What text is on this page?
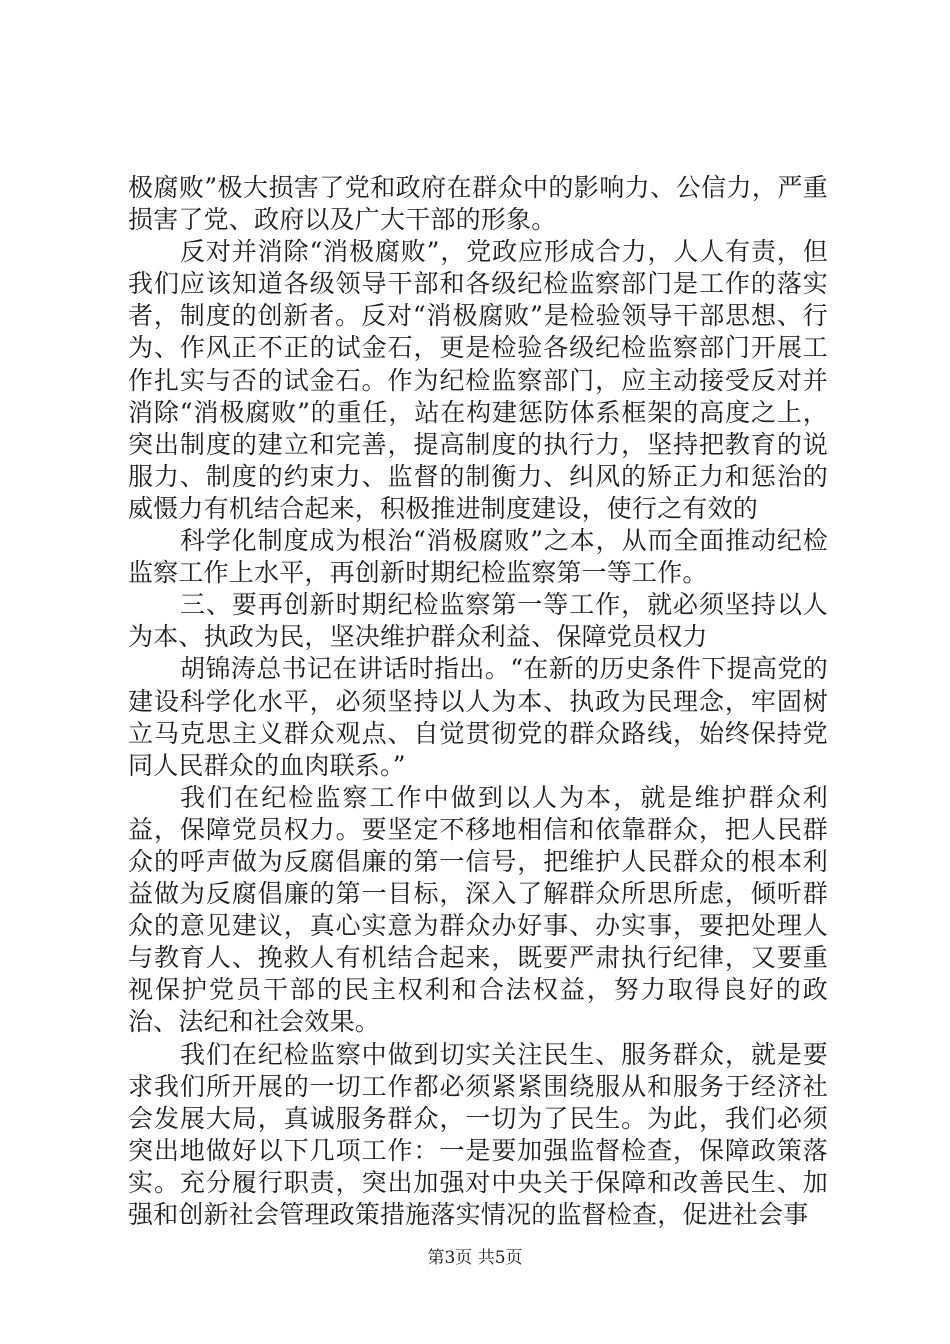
极腐败”极大损害了党和政府在群众中的影响力、公信力，严重损害了党、政府以及广大干部的形象。

反对并消除“消极腐败”，党政应形成合力，人人有责，但我们应该知道各级领导干部和各级纪检监察部门是工作的落实者，制度的创新者。反对“消极腐败”是检验领导干部思想、行为、作风正不正的试金石，更是检验各级纪检监察部门开展工作扎实与否的试金石。作为纪检监察部门，应主动接受反对并消除“消极腐败”的重任，站在构建惩防体系框架的高度之上，突出制度的建立和完善，提高制度的执行力，坚持把教育的说服力、制度的约束力、监督的制衡力、纠风的矫正力和惩治的威慑力有机结合起来，积极推进制度建设，使行之有效的

科学化制度成为根治“消极腐败”之本，从而全面推动纪检监察工作上水平，再创新时期纪检监察第一等工作。

三、要再创新时期纪检监察第一等工作，就必须坚持以人为本、执政为民，坚决维护群众利益、保障党员权力

胡锦涛总书记在讲话时指出。“在新的历史条件下提高党的建设科学化水平，必须坚持以人为本、执政为民理念，牢固树立马克思主义群众观点、自觉贯彻党的群众路线，始终保持党同人民群众的血肉联系。”

我们在纪检监察工作中做到以人为本，就是维护群众利益，保障党员权力。要坚定不移地相信和依靠群众，把人民群众的呼声做为反腐倡廉的第一信号，把维护人民群众的根本利益做为反腐倡廉的第一目标，深入了解群众所思所虑，倾听群众的意见建议，真心实意为群众办好事、办实事，要把处理人与教育人、挽救人有机结合起来，既要严肃执行纪律，又要重视保护党员干部的民主权利和合法权益，努力取得良好的政治、法纪和社会效果。

我们在纪检监察中做到切实关注民生、服务群众，就是要求我们所开展的一切工作都必须紧紧围绕服从和服务于经济社会发展大局，真诚服务群众，一切为了民生。为此，我们必须突出地做好以下几项工作：一是要加强监督检查，保障政策落实。充分履行职责，突出加强对中央关于保障和改善民生、加强和创新社会管理政策措施落实情况的监督检查，促进社会事

第3页 共5页
